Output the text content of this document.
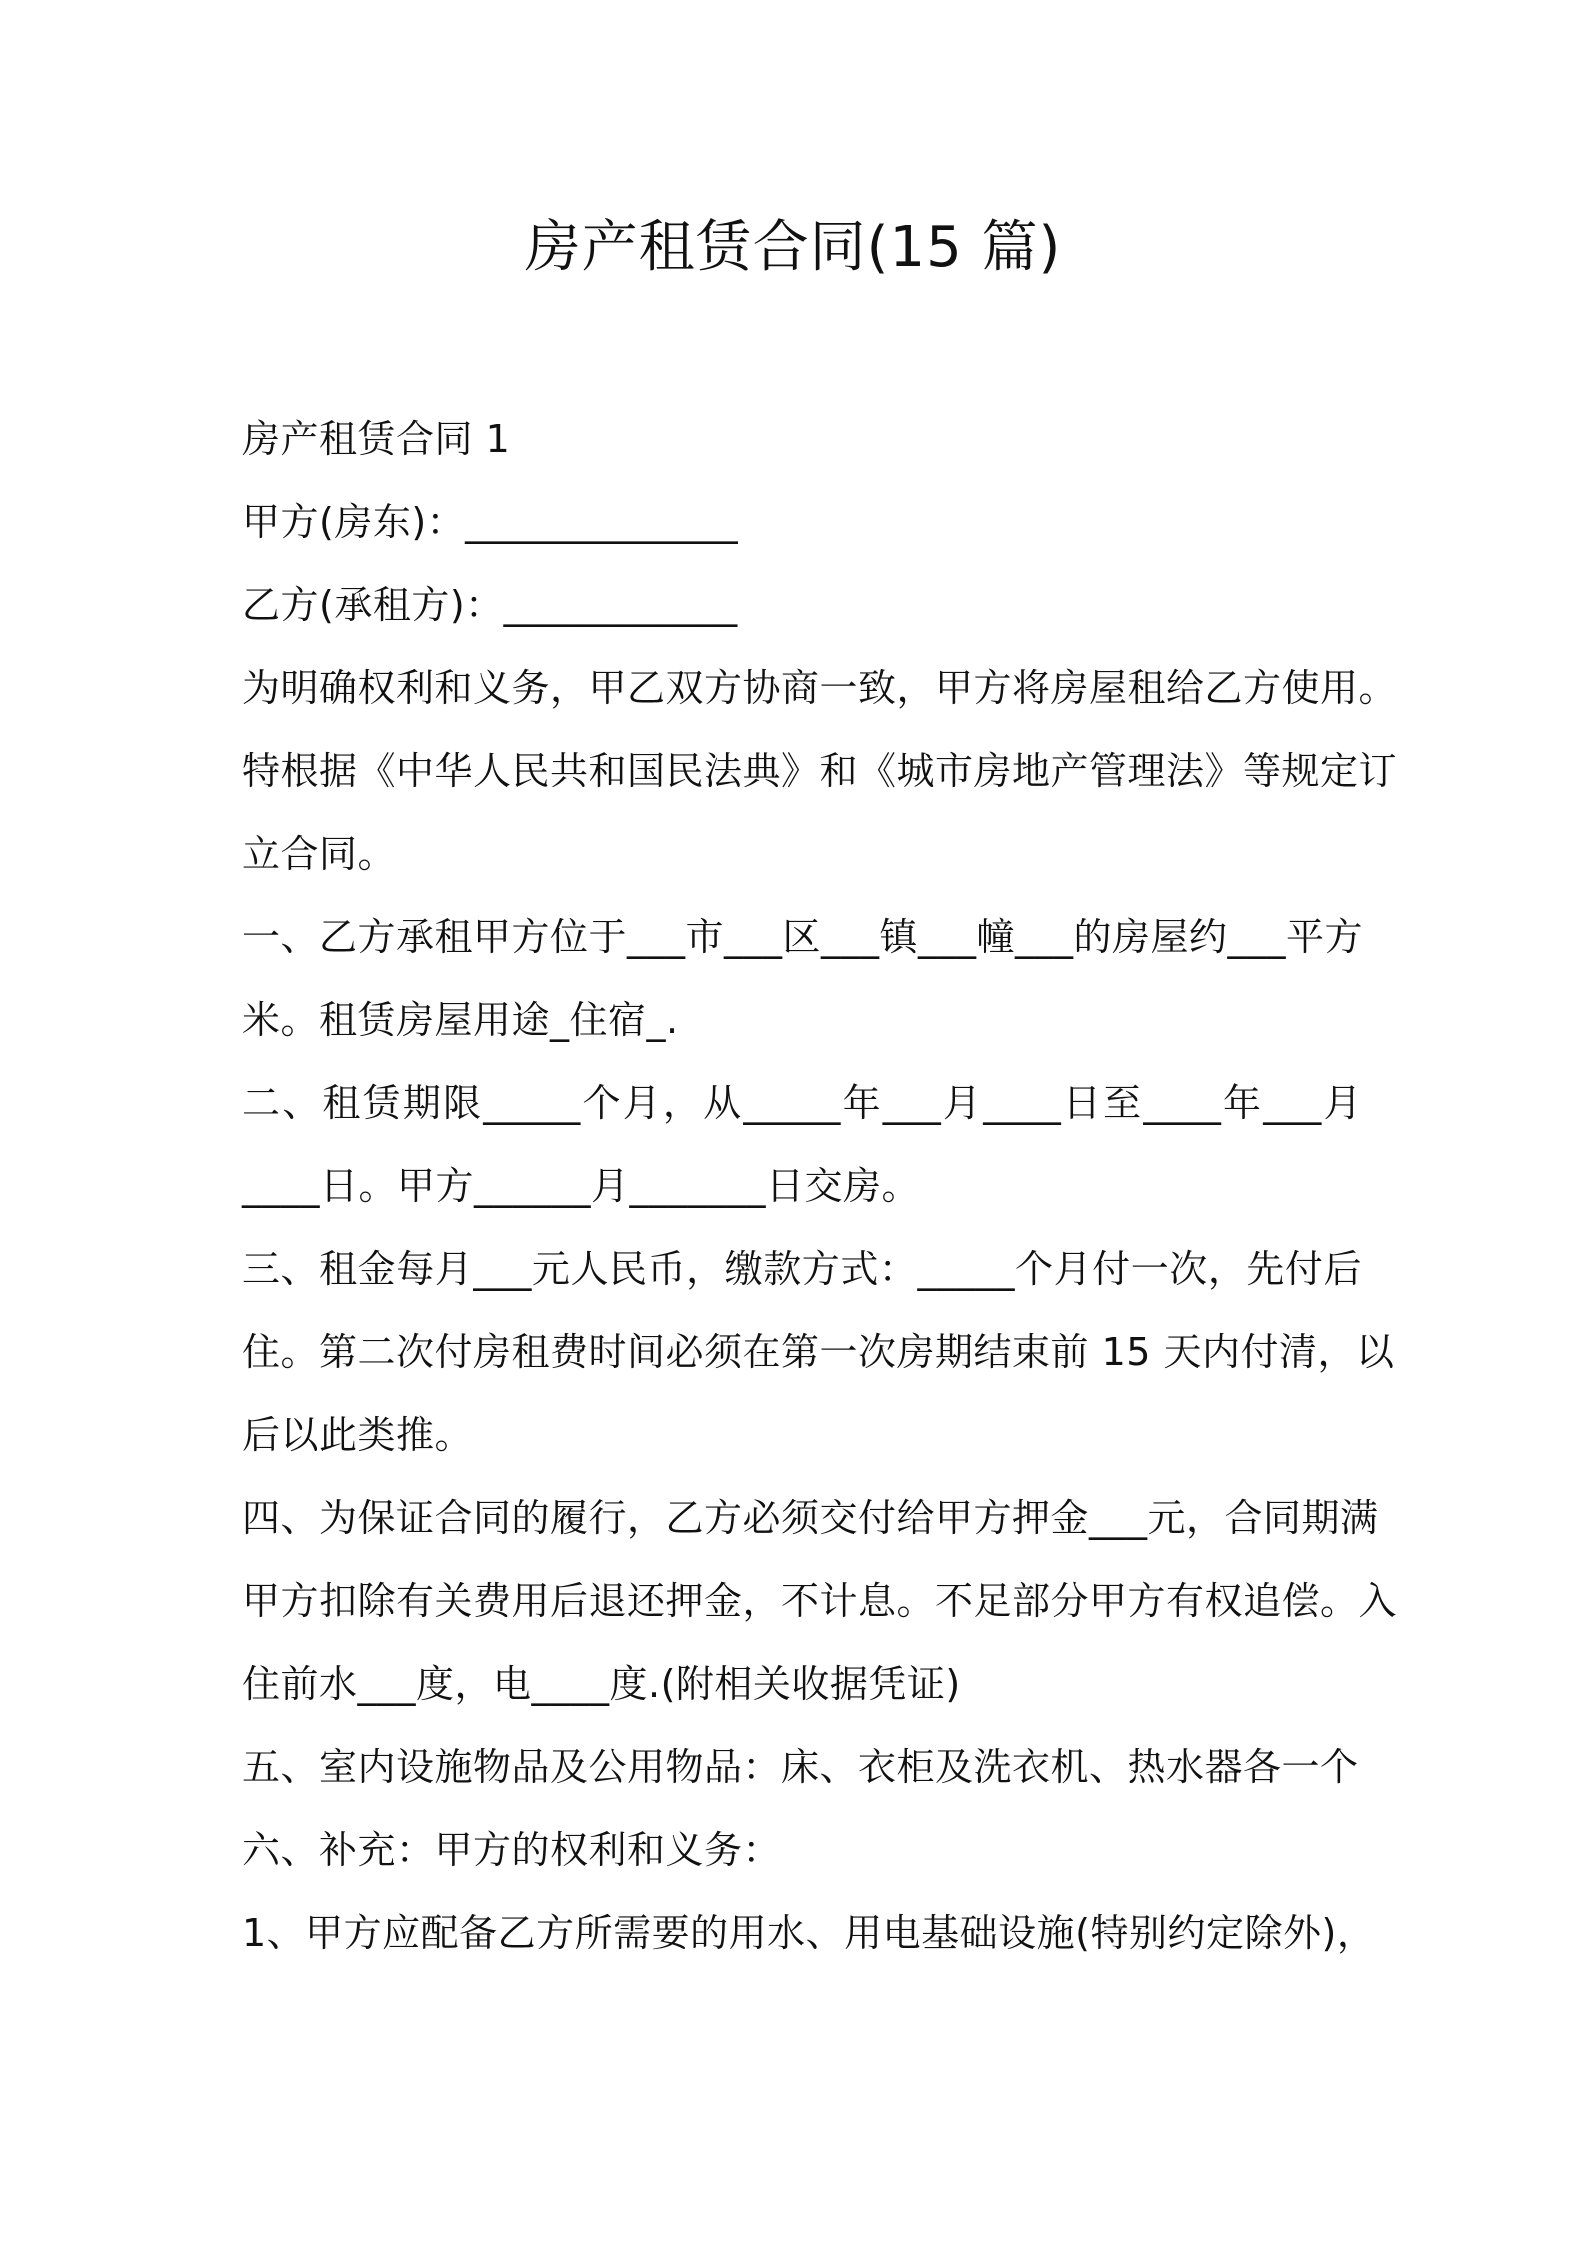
房产租赁合同(15 篇)
房产租赁合同 1
甲方(房东)：______________
乙方(承租方)：____________
为明确权利和义务，甲乙双方协商一致，甲方将房屋租给乙方使用。
特根据《中华人民共和国民法典》和《城市房地产管理法》等规定订
立合同。
一、乙方承租甲方位于___市___区___镇___幢___的房屋约___平方
米。租赁房屋用途_住宿_.
二、租赁期限_____个月，从_____年___月____日至____年___月
____日。甲方______月_______日交房。
三、租金每月___元人民币，缴款方式：_____个月付一次，先付后
住。第二次付房租费时间必须在第一次房期结束前 15 天内付清，以
后以此类推。
四、为保证合同的履行，乙方必须交付给甲方押金___元，合同期满
甲方扣除有关费用后退还押金，不计息。不足部分甲方有权追偿。入
住前水___度，电____度.(附相关收据凭证)
五、室内设施物品及公用物品：床、衣柜及洗衣机、热水器各一个
六、补充：甲方的权利和义务：
1、甲方应配备乙方所需要的用水、用电基础设施(特别约定除外)，
